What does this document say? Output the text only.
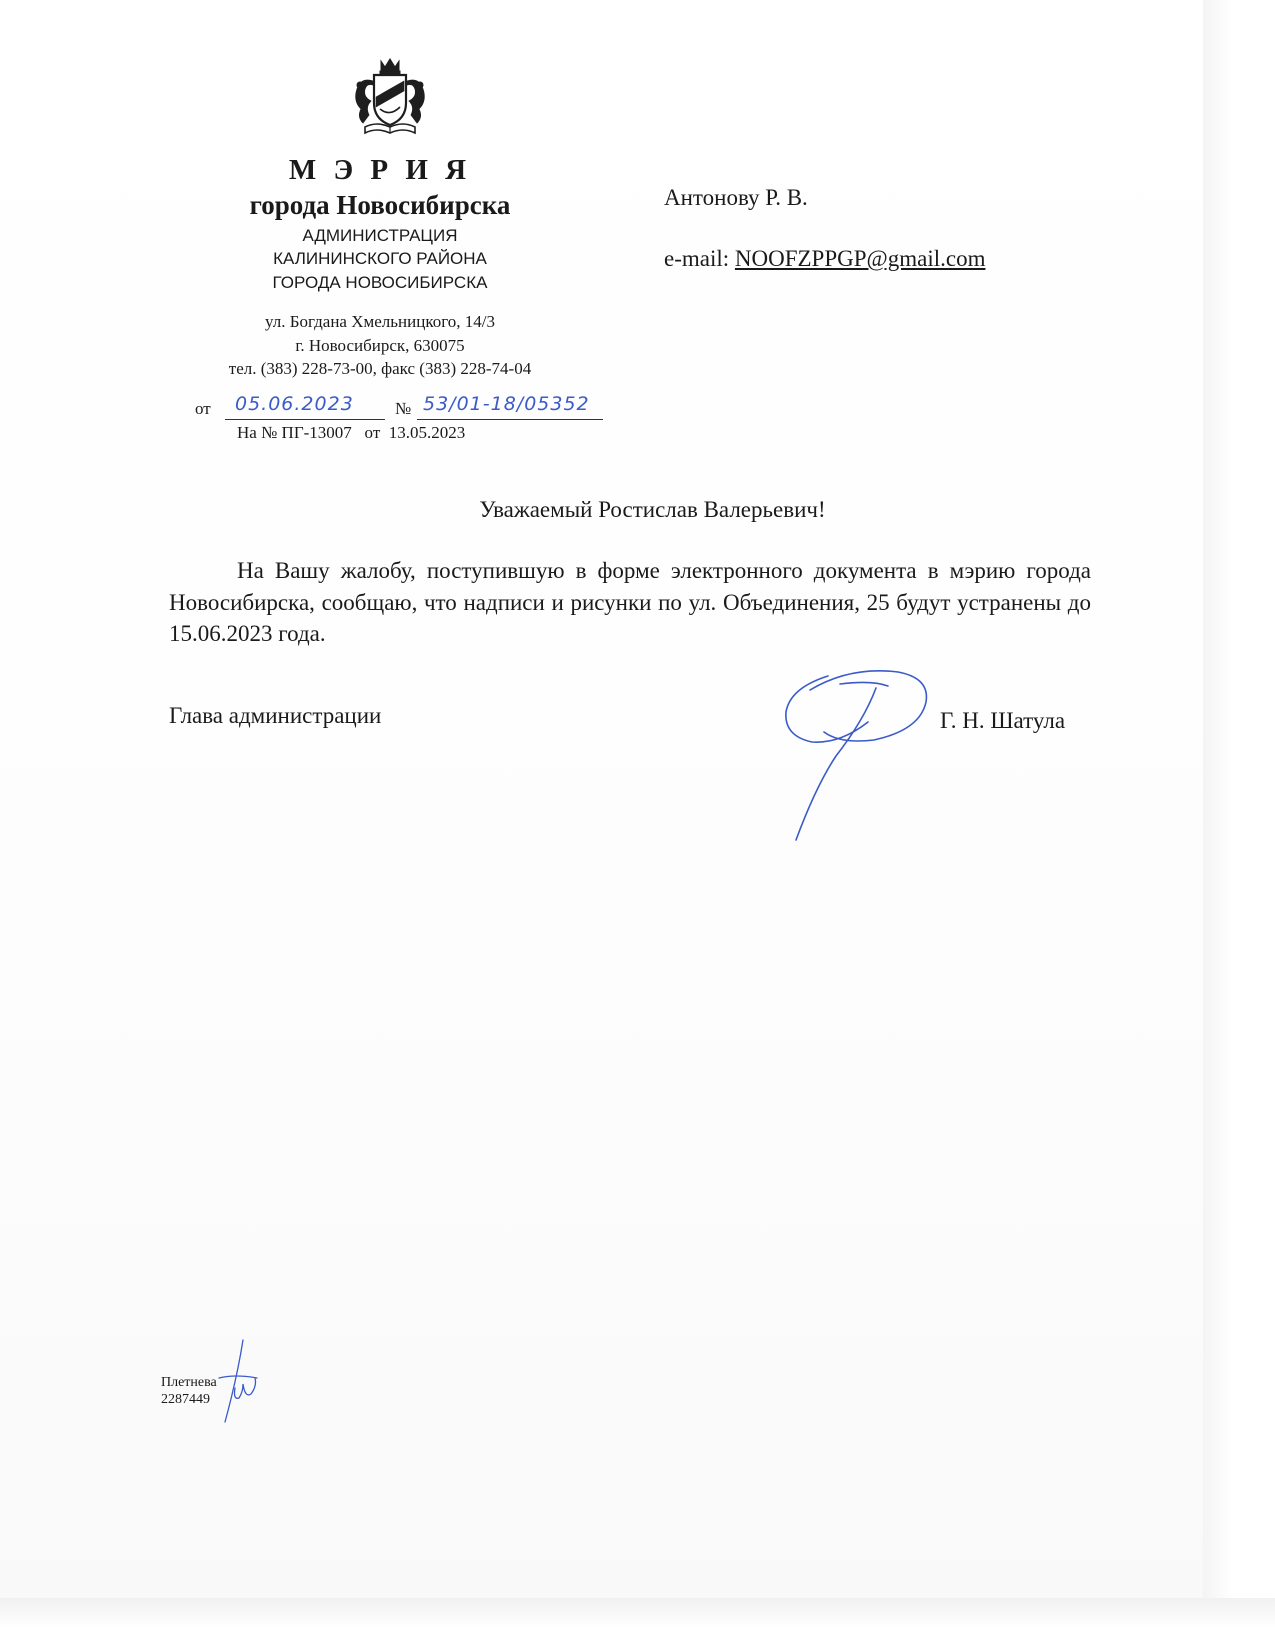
М Э Р И Я
города Новосибирска
АДМИНИСТРАЦИЯ
КАЛИНИНСКОГО РАЙОНА
ГОРОДА НОВОСИБИРСКА
ул. Богдана Хмельницкого, 14/3
г. Новосибирск, 630075
тел. (383) 228-73-00, факс (383) 228-74-04
от 05.06.2023 № 53/01-18/05352
На № ПГ-13007   от  13.05.2023
Антонову Р. В.
e-mail: NOOFZPPGP@gmail.com
Уважаемый Ростислав Валерьевич!
На Вашу жалобу, поступившую в форме электронного документа в мэрию города Новосибирска, сообщаю, что надписи и рисунки по ул. Объединения, 25 будут устранены до 15.06.2023 года.
Глава администрации	Г. Н. Шатула
Плетнева
2287449
